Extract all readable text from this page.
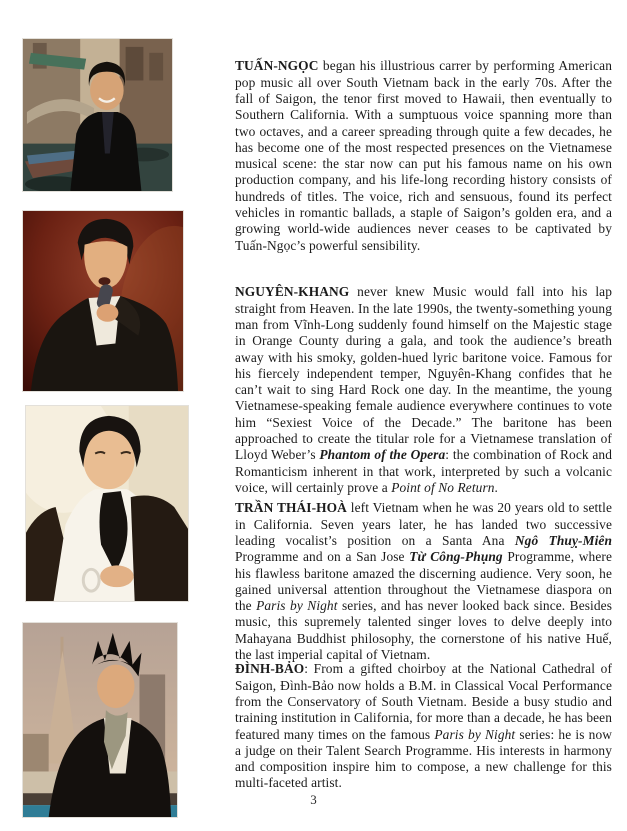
TUẤN-NGỌC began his illustrious carrer by performing American pop music all over South Vietnam back in the early 70s. After the fall of Saigon, the tenor first moved to Hawaii, then eventually to Southern California. With a sumptuous voice spanning more than two octaves, and a career spreading through quite a few decades, he has become one of the most respected presences on the Vietnamese musical scene: the star now can put his famous name on his own production company, and his life-long recording history consists of hundreds of titles. The voice, rich and sensuous, found its perfect vehicles in romantic ballads, a staple of Saigon’s golden era, and a growing world-wide audiences never ceases to be captivated by Tuấn-Ngọc’s powerful sensibility.

NGUYÊN-KHANG never knew Music would fall into his lap straight from Heaven. In the late 1990s, the twenty-something young man from Vĩnh-Long suddenly found himself on the Majestic stage in Orange County during a gala, and took the audience’s breath away with his smoky, golden-hued lyric baritone voice. Famous for his fiercely independent temper, Nguyên-Khang confides that he can’t wait to sing Hard Rock one day. In the meantime, the young Vietnamese-speaking female audience everywhere continues to vote him “Sexiest Voice of the Decade.” The baritone has been approached to create the titular role for a Vietnamese translation of Lloyd Weber’s Phantom of the Opera: the combination of Rock and Romanticism inherent in that work, interpreted by such a volcanic voice, will certainly prove a Point of No Return.

TRẦN THÁI-HOÀ left Vietnam when he was 20 years old to settle in California. Seven years later, he has landed two successive leading vocalist’s position on a Santa Ana Ngô Thuỵ-Miên Programme and on a San Jose Từ Công-Phụng Programme, where his flawless baritone amazed the discerning audience. Very soon, he gained universal attention throughout the Vietnamese diaspora on the Paris by Night series, and has never looked back since. Besides music, this supremely talented singer loves to delve deeply into Mahayana Buddhist philosophy, the cornerstone of his native Huế, the last imperial capital of Vietnam.

ĐÌNH-BẢO: From a gifted choirboy at the National Cathedral of Saigon, Đình-Bảo now holds a B.M. in Classical Vocal Performance from the Conservatory of South Vietnam. Beside a busy studio and training institution in California, for more than a decade, he has been featured many times on the famous Paris by Night series: he is now a judge on their Talent Search Programme. His interests in harmony and composition inspire him to compose, a new challenge for this multi-faceted artist.

3
